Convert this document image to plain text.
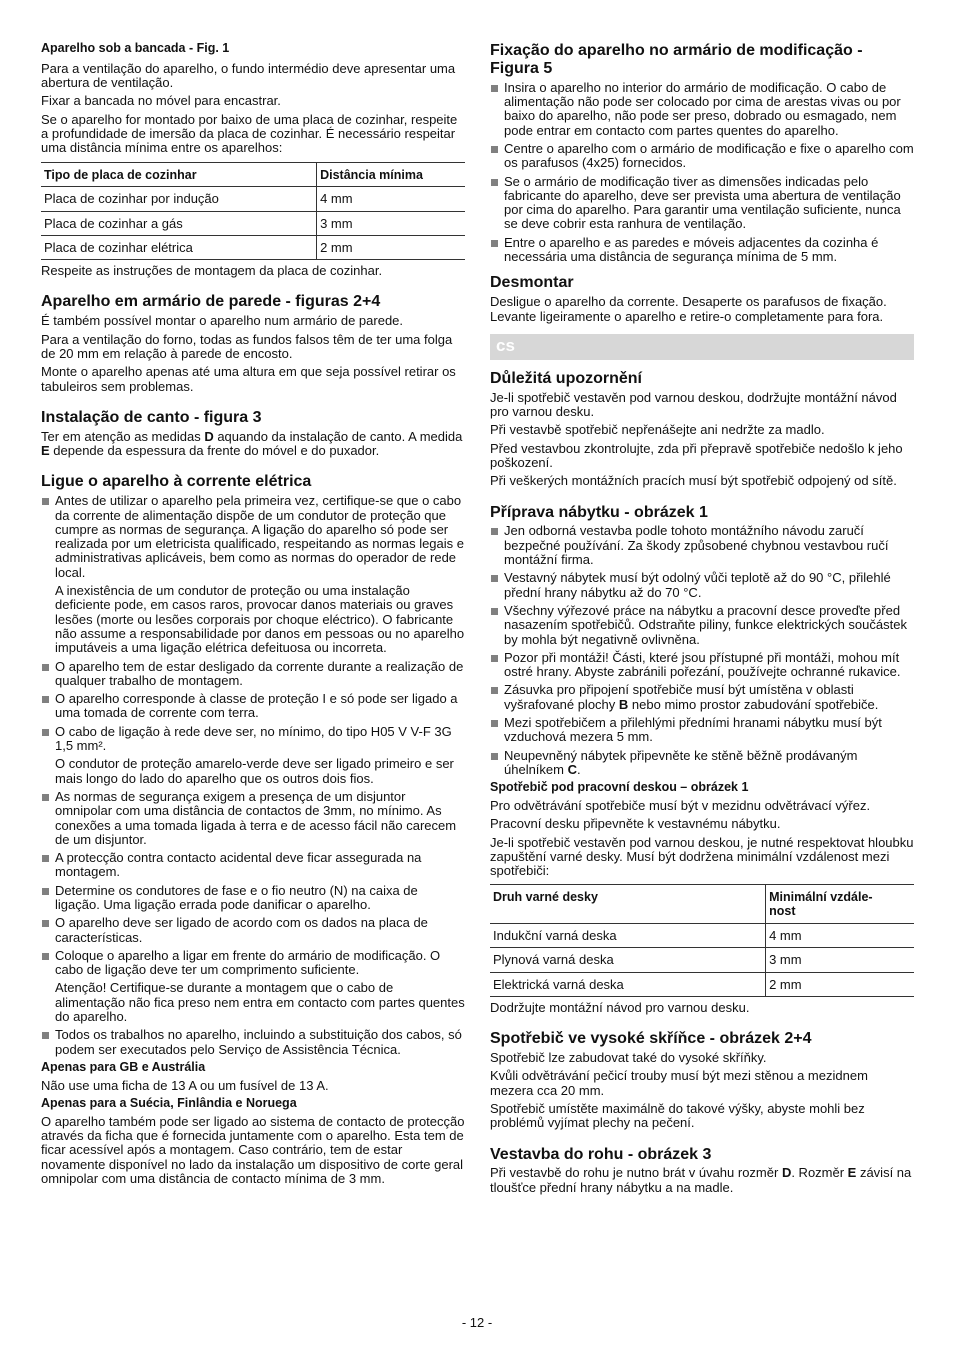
Aparelho sob a bancada - Fig. 1

Para a ventilação do aparelho, o fundo intermédio deve apresentar uma abertura de ventilação.

Fixar a bancada no móvel para encastrar.

Se o aparelho for montado por baixo de uma placa de cozinhar, respeite a profundidade de imersão da placa de cozinhar. É necessário respeitar uma distância mínima entre os aparelhos:

Tipo de placa de cozinhar	Distância mínima
Placa de cozinhar por indução	4 mm
Placa de cozinhar a gás	3 mm
Placa de cozinhar elétrica	2 mm

Respeite as instruções de montagem da placa de cozinhar.

Aparelho em armário de parede - figuras 2+4

É também possível montar o aparelho num armário de parede.

Para a ventilação do forno, todas as fundos falsos têm de ter uma folga de 20 mm em relação à parede de encosto.

Monte o aparelho apenas até uma altura em que seja possível retirar os tabuleiros sem problemas.

Instalação de canto - figura 3

Ter em atenção as medidas D aquando da instalação de canto. A medida E depende da espessura da frente do móvel e do puxador.

Ligue o aparelho à corrente elétrica
Antes de utilizar o aparelho pela primeira vez, certifique-se que o cabo da corrente de alimentação dispõe de um condutor de proteção que cumpre as normas de segurança. A ligação do aparelho só pode ser realizada por um eletricista qualificado, respeitando as normas legais e administrativas aplicáveis, bem como as normas do operador de rede local.

A inexistência de um condutor de proteção ou uma instalação deficiente pode, em casos raros, provocar danos materiais ou graves lesões (morte ou lesões corporais por choque eléctrico). O fabricante não assume a responsabilidade por danos em pessoas ou no aparelho imputáveis a uma ligação elétrica defeituosa ou incorreta.

O aparelho tem de estar desligado da corrente durante a realização de qualquer trabalho de montagem.
O aparelho corresponde à classe de proteção I e só pode ser ligado a uma tomada de corrente com terra.
O cabo de ligação à rede deve ser, no mínimo, do tipo H05 V V-F 3G 1,5 mm².

O condutor de proteção amarelo-verde deve ser ligado primeiro e ser mais longo do lado do aparelho que os outros dois fios.

As normas de segurança exigem a presença de um disjuntor omnipolar com uma distância de contactos de 3mm, no mínimo. As conexões a uma tomada ligada à terra e de acesso fácil não carecem de um disjuntor.
A protecção contra contacto acidental deve ficar assegurada na montagem.
Determine os condutores de fase e o fio neutro (N) na caixa de ligação. Uma ligação errada pode danificar o aparelho.
O aparelho deve ser ligado de acordo com os dados na placa de características.
Coloque o aparelho a ligar em frente do armário de modificação. O cabo de ligação deve ter um comprimento suficiente.

Atenção! Certifique-se durante a montagem que o cabo de alimentação não fica preso nem entra em contacto com partes quentes do aparelho.

Todos os trabalhos no aparelho, incluindo a substituição dos cabos, só podem ser executados pelo Serviço de Assistência Técnica.
Apenas para GB e Austrália

Não use uma ficha de 13 A ou um fusível de 13 A.

Apenas para a Suécia, Finlândia e Noruega

O aparelho também pode ser ligado ao sistema de contacto de protecção através da ficha que é fornecida juntamente com o aparelho. Esta tem de ficar acessível após a montagem. Caso contrário, tem de estar novamente disponível no lado da instalação um dispositivo de corte geral omnipolar com uma distância de contacto mínima de 3 mm.

Fixação do aparelho no armário de modificação - Figura 5
Insira o aparelho no interior do armário de modificação. O cabo de alimentação não pode ser colocado por cima de arestas vivas ou por baixo do aparelho, não pode ser preso, dobrado ou esmagado, nem pode entrar em contacto com partes quentes do aparelho.
Centre o aparelho com o armário de modificação e fixe o aparelho com os parafusos (4x25) fornecidos.
Se o armário de modificação tiver as dimensões indicadas pelo fabricante do aparelho, deve ser prevista uma abertura de ventilação por cima do aparelho. Para garantir uma ventilação suficiente, nunca se deve cobrir esta ranhura de ventilação.
Entre o aparelho e as paredes e móveis adjacentes da cozinha é necessária uma distância de segurança mínima de 5 mm.
Desmontar

Desligue o aparelho da corrente. Desaperte os parafusos de fixação. Levante ligeiramente o aparelho e retire-o completamente para fora.

cs
Důležitá upozornění

Je-li spotřebič vestavěn pod varnou deskou, dodržujte montážní návod pro varnou desku.

Při vestavbě spotřebič nepřenášejte ani nedržte za madlo.

Před vestavbou zkontrolujte, zda při přepravě spotřebiče nedošlo k jeho poškození.

Při veškerých montážních pracích musí být spotřebič odpojený od sítě.

Příprava nábytku - obrázek 1
Jen odborná vestavba podle tohoto montážního návodu zaručí bezpečné používání. Za škody způsobené chybnou vestavbou ručí montážní firma.
Vestavný nábytek musí být odolný vůči teplotě až do 90 °C, přilehlé přední hrany nábytku až do 70 °C.
Všechny výřezové práce na nábytku a pracovní desce proveďte před nasazením spotřebičů. Odstraňte piliny, funkce elektrických součástek by mohla být negativně ovlivněna.
Pozor při montáži! Části, které jsou přístupné při montáži, mohou mít ostré hrany. Abyste zabránili pořezání, používejte ochranné rukavice.
Zásuvka pro připojení spotřebiče musí být umístěna v oblasti vyšrafované plochy B nebo mimo prostor zabudování spotřebiče.
Mezi spotřebičem a přilehlými předními hranami nábytku musí být vzduchová mezera 5 mm.
Neupevněný nábytek připevněte ke stěně běžně prodávaným úhelníkem C.
Spotřebič pod pracovní deskou – obrázek 1

Pro odvětrávání spotřebiče musí být v mezidnu odvětrávací výřez.

Pracovní desku připevněte k vestavnému nábytku.

Je-li spotřebič vestavěn pod varnou deskou, je nutné respektovat hloubku zapuštění varné desky. Musí být dodržena minimální vzdálenost mezi spotřebiči:

Druh varné desky	Minimální vzdále-
nost
Indukční varná deska	4 mm
Plynová varná deska	3 mm
Elektrická varná deska	2 mm

Dodržujte montážní návod pro varnou desku.

Spotřebič ve vysoké skříňce - obrázek 2+4

Spotřebič lze zabudovat také do vysoké skříňky.

Kvůli odvětrávání pečicí trouby musí být mezi stěnou a mezidnem mezera cca 20 mm.

Spotřebič umístěte maximálně do takové výšky, abyste mohli bez problémů vyjímat plechy na pečení.

Vestavba do rohu - obrázek 3

Při vestavbě do rohu je nutno brát v úvahu rozměr D. Rozměr E závisí na tloušťce přední hrany nábytku a na madle.

- 12 -
